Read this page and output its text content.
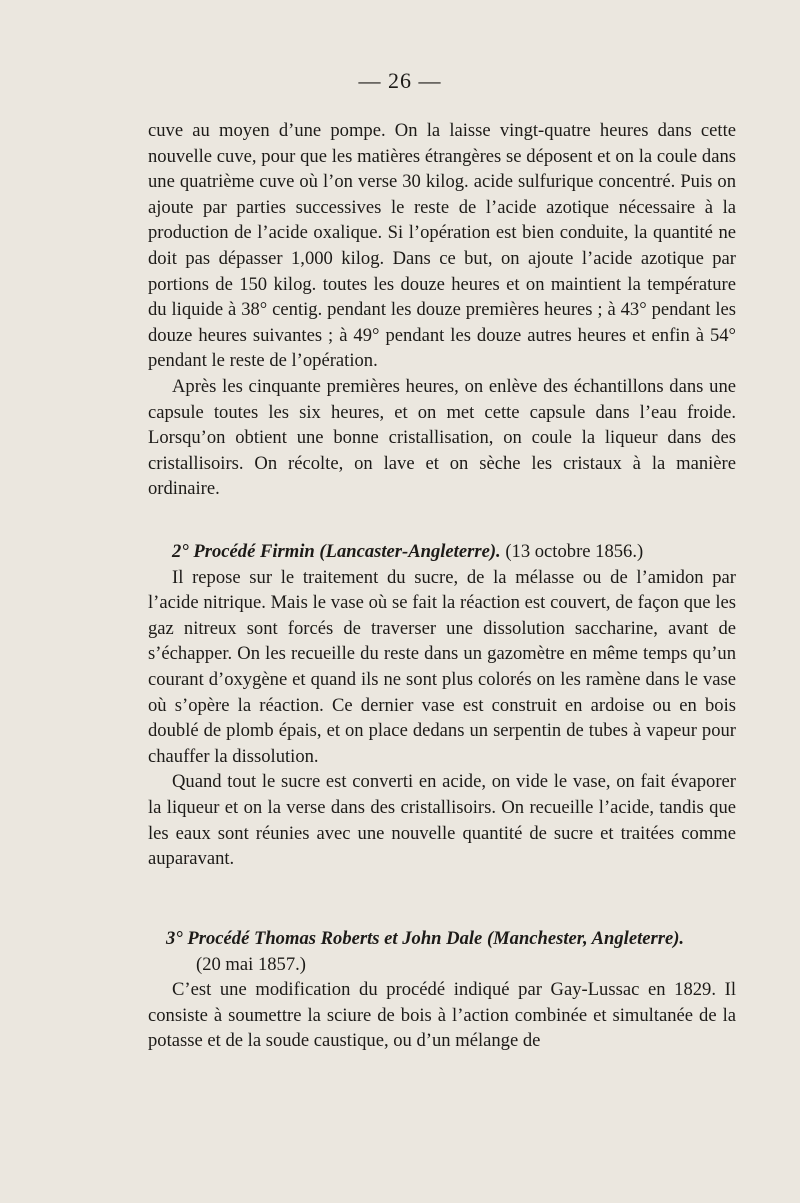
— 26 —

cuve au moyen d’une pompe. On la laisse vingt-quatre heures dans cette nouvelle cuve, pour que les matières étrangères se déposent et on la coule dans une quatrième cuve où l’on verse 30 kilog. acide sulfurique concentré. Puis on ajoute par parties successives le reste de l’acide azotique nécessaire à la production de l’acide oxalique. Si l’opération est bien conduite, la quantité ne doit pas dépasser 1,000 kilog. Dans ce but, on ajoute l’acide azotique par portions de 150 kilog. toutes les douze heures et on maintient la température du liquide à 38° centig. pendant les douze premières heures ; à 43° pendant les douze heures suivantes ; à 49° pendant les douze autres heures et enfin à 54° pendant le reste de l’opération.

Après les cinquante premières heures, on enlève des échantillons dans une capsule toutes les six heures, et on met cette capsule dans l’eau froide. Lorsqu’on obtient une bonne cristallisation, on coule la liqueur dans des cristallisoirs. On récolte, on lave et on sèche les cristaux à la manière ordinaire.

2° Procédé Firmin (Lancaster-Angleterre). (13 octobre 1856.)

Il repose sur le traitement du sucre, de la mélasse ou de l’amidon par l’acide nitrique. Mais le vase où se fait la réaction est couvert, de façon que les gaz nitreux sont forcés de traverser une dissolution saccharine, avant de s’échapper. On les recueille du reste dans un gazomètre en même temps qu’un courant d’oxygène et quand ils ne sont plus colorés on les ramène dans le vase où s’opère la réaction. Ce dernier vase est construit en ardoise ou en bois doublé de plomb épais, et on place dedans un serpentin de tubes à vapeur pour chauffer la dissolution.

Quand tout le sucre est converti en acide, on vide le vase, on fait évaporer la liqueur et on la verse dans des cristallisoirs. On recueille l’acide, tandis que les eaux sont réunies avec une nouvelle quantité de sucre et traitées comme auparavant.

3° Procédé Thomas Roberts et John Dale (Manchester, Angleterre).

(20 mai 1857.)

C’est une modification du procédé indiqué par Gay-Lussac en 1829. Il consiste à soumettre la sciure de bois à l’action combinée et simultanée de la potasse et de la soude caustique, ou d’un mélange de
